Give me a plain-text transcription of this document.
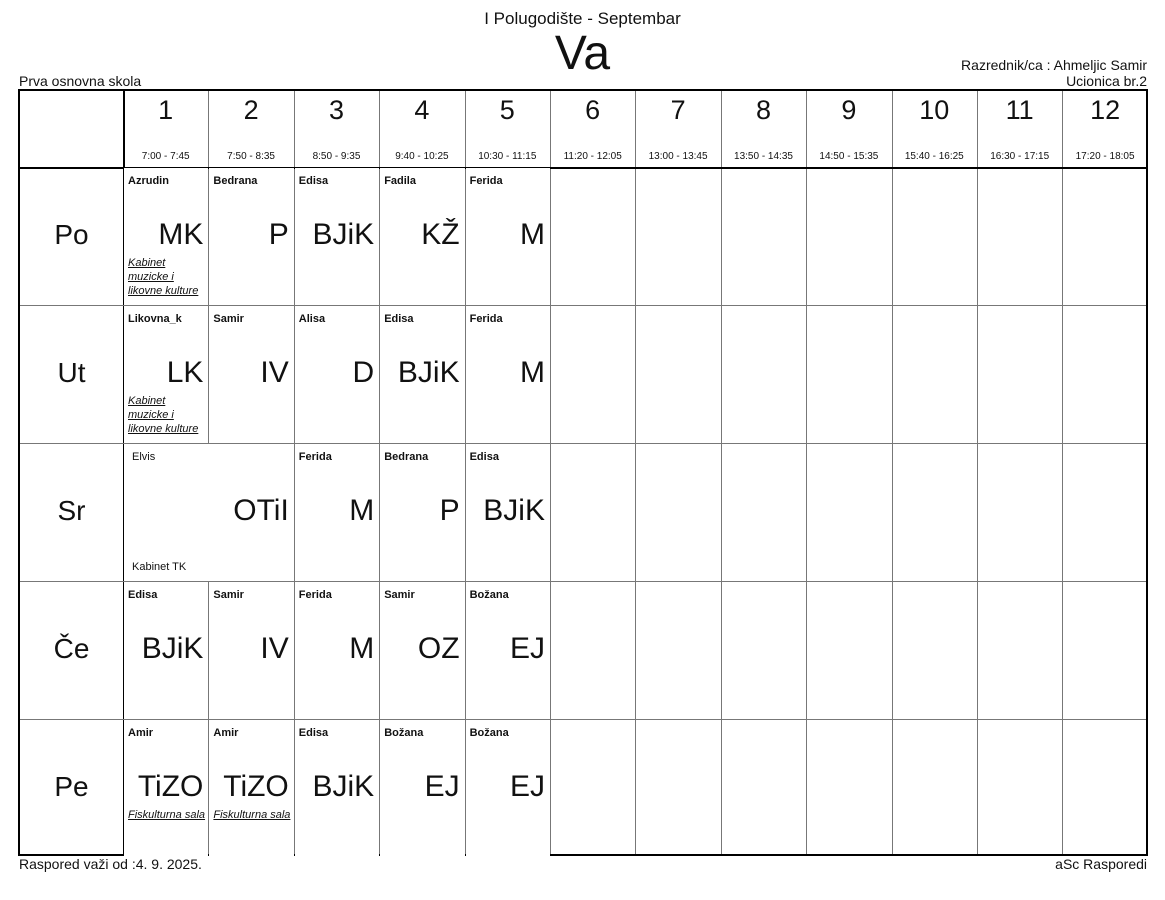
I Polugodište - Septembar
Va
Prva osnovna skola
Razrednik/ca : Ahmeljic Samir
Ucionica br.2
1
7:00 - 7:45
2
7:50 - 8:35
3
8:50 - 9:35
4
9:40 - 10:25
5
10:30 - 11:15
6
11:20 - 12:05
7
13:00 - 13:45
8
13:50 - 14:35
9
14:50 - 15:35
10
15:40 - 16:25
11
16:30 - 17:15
12
17:20 - 18:05
Po
Azrudin
MK
Kabinet muzicke i likovne kulture
Bedrana
P
Edisa
BJiK
Fadila
KŽ
Ferida
M
Ut
Likovna_k
LK
Kabinet muzicke i likovne kulture
Samir
IV
Alisa
D
Edisa
BJiK
Ferida
M
Sr
Elvis
OTiI
Kabinet TK
Ferida
M
Bedrana
P
Edisa
BJiK
Če
Edisa
BJiK
Samir
IV
Ferida
M
Samir
OZ
Božana
EJ
Pe
Amir
TiZO
Fiskulturna sala
Amir
TiZO
Fiskulturna sala
Edisa
BJiK
Božana
EJ
Božana
EJ
Raspored važi od :4. 9. 2025.	aSc Rasporedi
